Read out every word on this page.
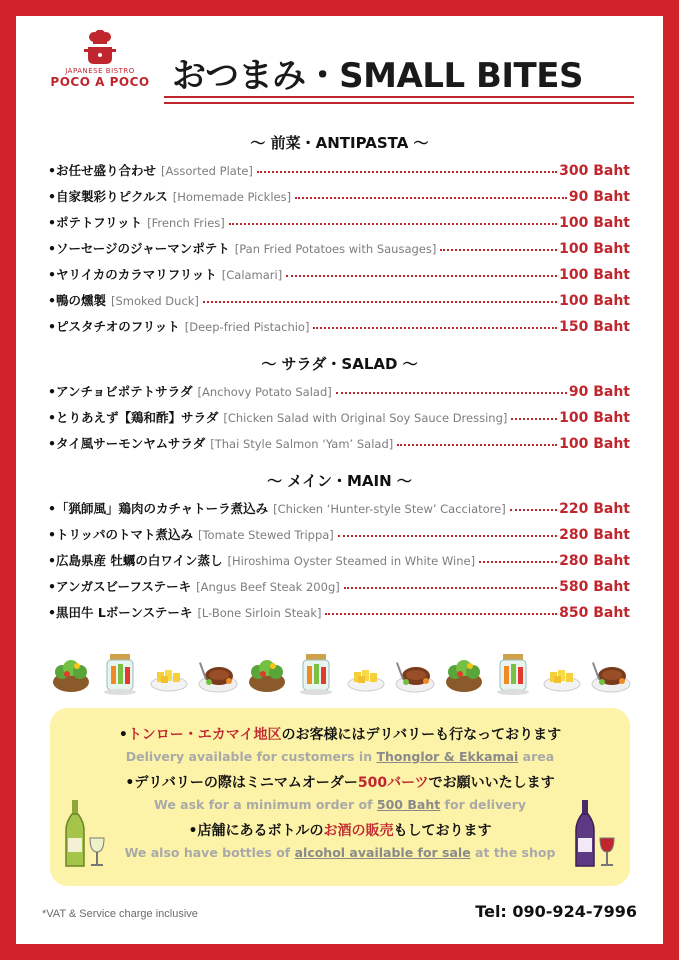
JAPANESE BISTRO
POCO A POCO おつまみ・SMALL BITES
～ 前菜・ANTIPASTA ～
•お任せ盛り合わせ [Assorted Plate]	300 Baht
•自家製彩りピクルス [Homemade Pickles]	90 Baht
•ポテトフリット [French Fries]	100 Baht
•ソーセージのジャーマンポテト [Pan Fried Potatoes with Sausages]	100 Baht
•ヤリイカのカラマリフリット [Calamari]	100 Baht
•鴨の燻製 [Smoked Duck]	100 Baht
•ピスタチオのフリット [Deep-fried Pistachio]	150 Baht
～ サラダ・SALAD ～
•アンチョビポテトサラダ [Anchovy Potato Salad]	90 Baht
•とりあえず【鶏和酢】サラダ [Chicken Salad with Original Soy Sauce Dressing]	100 Baht
•タイ風サーモンヤムサラダ [Thai Style Salmon ‘Yam’ Salad]	100 Baht
～ メイン・MAIN ～
•「猟師風」鶏肉のカチャトーラ煮込み [Chicken ‘Hunter-style Stew’ Cacciatore]	220 Baht
•トリッパのトマト煮込み [Tomate Stewed Trippa]	280 Baht
•広島県産 牡蠣の白ワイン蒸し [Hiroshima Oyster Steamed in White Wine]	280 Baht
•アンガスビーフステーキ [Angus Beef Steak 200g]	580 Baht
•黒田牛 Lボーンステーキ [L-Bone Sirloin Steak]	850 Baht
•トンロー・エカマイ地区のお客様にはデリバリーも行なっております
Delivery available for customers in Thonglor & Ekkamai area
•デリバリーの際はミニマムオーダー500バーツでお願いいたします
We ask for a minimum order of 500 Baht for delivery
•店舗にあるボトルのお酒の販売もしております
We also have bottles of alcohol available for sale at the shop
*VAT & Service charge inclusive	Tel: 090-924-7996
